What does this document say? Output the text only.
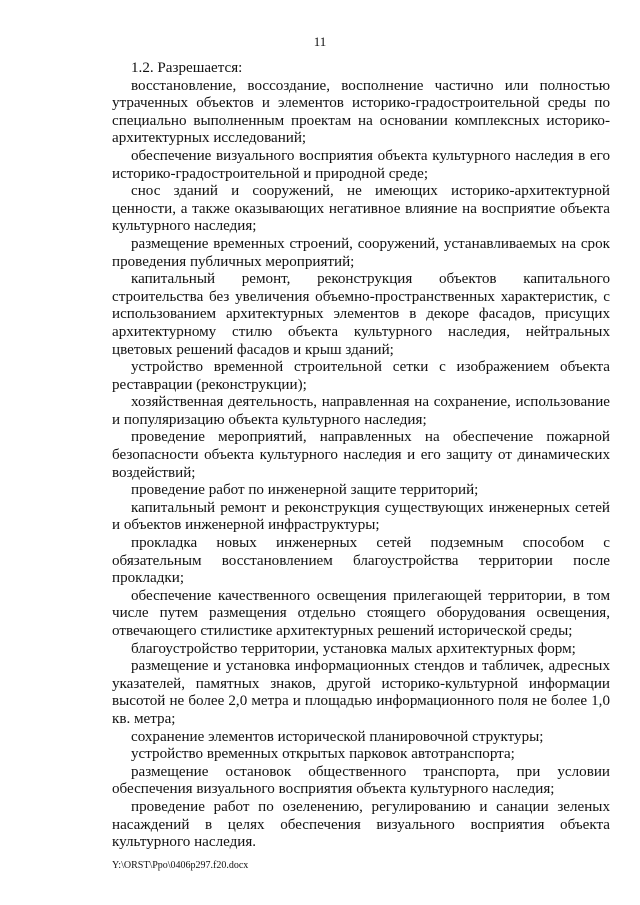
11

1.2. Разрешается:

восстановление, воссоздание, восполнение частично или полностью утраченных объектов и элементов историко-градостроительной среды по специально выполненным проектам на основании комплексных историко-архитектурных исследований;

обеспечение визуального восприятия объекта культурного наследия в его историко-градостроительной и природной среде;

снос зданий и сооружений, не имеющих историко-архитектурной ценности, а также оказывающих негативное влияние на восприятие объекта культурного наследия;

размещение временных строений, сооружений, устанавливаемых на срок проведения публичных мероприятий;

капитальный ремонт, реконструкция объектов капитального строительства без увеличения объемно-пространственных характеристик, с использованием архитектурных элементов в декоре фасадов, присущих архитектурному стилю объекта культурного наследия, нейтральных цветовых решений фасадов и крыш зданий;

устройство временной строительной сетки с изображением объекта реставрации (реконструкции);

хозяйственная деятельность, направленная на сохранение, использование и популяризацию объекта культурного наследия;

проведение мероприятий, направленных на обеспечение пожарной безопасности объекта культурного наследия и его защиту от динамических воздействий;

проведение работ по инженерной защите территорий;

капитальный ремонт и реконструкция существующих инженерных сетей и объектов инженерной инфраструктуры;

прокладка новых инженерных сетей подземным способом с обязательным восстановлением благоустройства территории после прокладки;

обеспечение качественного освещения прилегающей территории, в том числе путем размещения отдельно стоящего оборудования освещения, отвечающего стилистике архитектурных решений исторической среды;

благоустройство территории, установка малых архитектурных форм;

размещение и установка информационных стендов и табличек, адресных указателей, памятных знаков, другой историко-культурной информации высотой не более 2,0 метра и площадью информационного поля не более 1,0 кв. метра;

сохранение элементов исторической планировочной структуры;

устройство временных открытых парковок автотранспорта;

размещение остановок общественного транспорта, при условии обеспечения визуального восприятия объекта культурного наследия;

проведение работ по озеленению, регулированию и санации зеленых насаждений в целях обеспечения визуального восприятия объекта культурного наследия.

Y:\ORST\Ppo\0406p297.f20.docx
